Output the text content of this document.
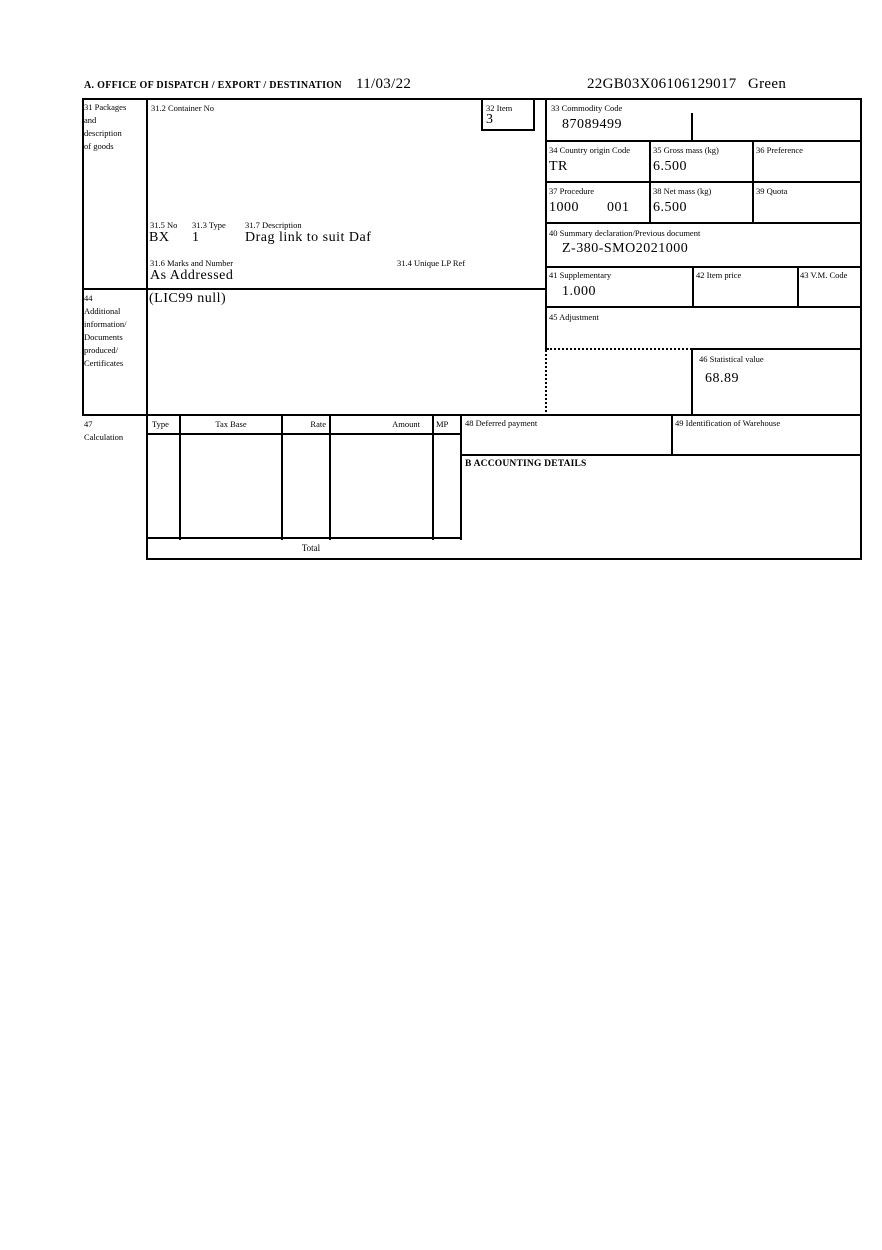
A. OFFICE OF DISPATCH / EXPORT / DESTINATION 11/03/22	22GB03X06106129017 Green
31 Packages
and
description
of goods
31.2 Container No	32 Item
3
31.5 No 31.3 Type 31.7 Description
BX 1	Drag link to suit Daf
31.6 Marks and Number	31.4 Unique LP Ref
As Addressed
33 Commodity Code
87089499
34 Country origin Code
TR
35 Gross mass (kg)
6.500
36 Preference
37 Procedure
1000 001
38 Net mass (kg)
6.500
39 Quota
40 Summary declaration/Previous document
Z-380-SMO2021000
41 Supplementary
1.000
42 Item price	43 V.M. Code
45 Adjustment
46 Statistical value
68.89
44
Additional
information/
Documents
produced/
Certificates
(LIC99 null)
47
Calculation
Type	Tax Base	Rate	Amount MP
Total
48 Deferred payment	49 Identification of Warehouse
B ACCOUNTING DETAILS
